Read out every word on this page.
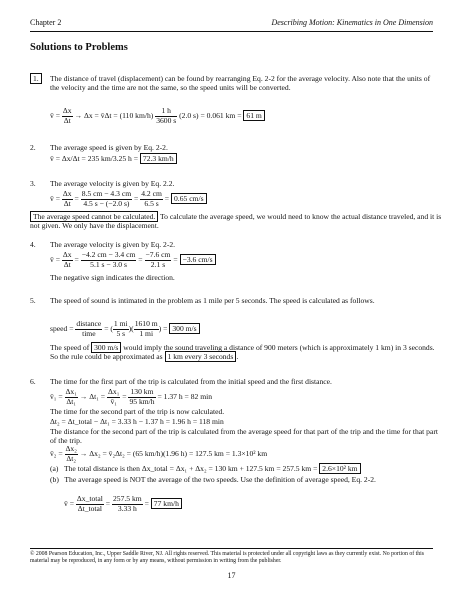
Chapter 2	Describing Motion: Kinematics in One Dimension
Solutions to Problems
1. The distance of travel (displacement) can be found by rearranging Eq. 2-2 for the average velocity. Also note that the units of the velocity and the time are not the same, so the speed units will be converted.
v̄ = $\frac{\Delta x}{\Delta t} \to \Delta x$ = v̄Δt = (110 $km/h) \frac{1 h}{3600 s} (2.0$ s) = 0.061 km = 61 m
2.	The average speed is given by Eq. 2-2.
v̄ = Δx/Δt = 235 km/3.25 h = 72.3 km/h
3.	The average velocity is given by Eq. 2.2.
v̄ = $\frac{\Delta x}{\Delta t} = \frac{8.5 cm - 4.3 cm}{4.5 s - (-2.0 s)} = \frac{4.2 cm}{6.5 s} = 0.65$ cm/s
The average speed cannot be calculated. To calculate the average speed, we would need to know the actual distance traveled, and it is not given. We only have the displacement.
4.	The average velocity is given by Eq. 2-2.
v̄ = $\frac{\Delta x}{\Delta t} = \frac{-4.2 cm - 3.4 cm}{5.1 s - 3.0 s} = \frac{-7.6 cm}{2.1 s} = -3.6$ cm/s
The negative sign indicates the direction.
5.	The speed of sound is intimated in the problem as 1 mile per 5 seconds. The speed is calculated as follows.
speed = $\frac{\text{distance}}{\text{time}}$ = ( $\frac{1 mi}{5 s}$ )( $\frac{1610 m}{1 mi}$ ) = 300 m/s
The speed of 300 m/s would imply the sound traveling a distance of 900 meters (which is approximately 1 km) in 3 seconds. So the rule could be approximated as 1 km every 3 seconds .
6.	The time for the first part of the trip is calculated from the initial speed and the first distance.
v̄₁ = $\frac{\text{Δx₁}}{\text{Δt₁}} \to \Delta t_1 = \frac{\text{Δx₁}}{\text{v̄₁}} = \frac{130 km}{95 km/h} = 1.37$ h = 82 min
The time for the second part of the trip is now calculated.
Δt₂ = Δt_total − Δt₁ = 3.33 h − 1.37 h = 1.96 h = 118 min
The distance for the second part of the trip is calculated from the average speed for that part of the trip and the time for that part of the trip.
v̄₂ = $\frac{\text{Δx₂}}{\text{Δt₂}} \to \Delta x_2$ = v̄₂Δt₂ = (65 km/h)(1.96 h) = 127.5 km = 1.3×10² km
(a) The total distance is then Δx_total = Δx₁ + Δx₂ = 130 km + 127.5 km = 257.5 km = 2.6×10² km
(b) The average speed is NOT the average of the two speeds. Use the definition of average speed, Eq. 2-2.
v̄ = $\frac{\text{Δx\_total}}{\text{Δt\_total}} = \frac{257.5 km}{3.33 h} = 77$ km/h
© 2008 Pearson Education, Inc., Upper Saddle River, NJ. All rights reserved. This material is protected under all copyright laws as they currently exist. No portion of this material may be reproduced, in any form or by any means, without permission in writing from the publisher.
17
